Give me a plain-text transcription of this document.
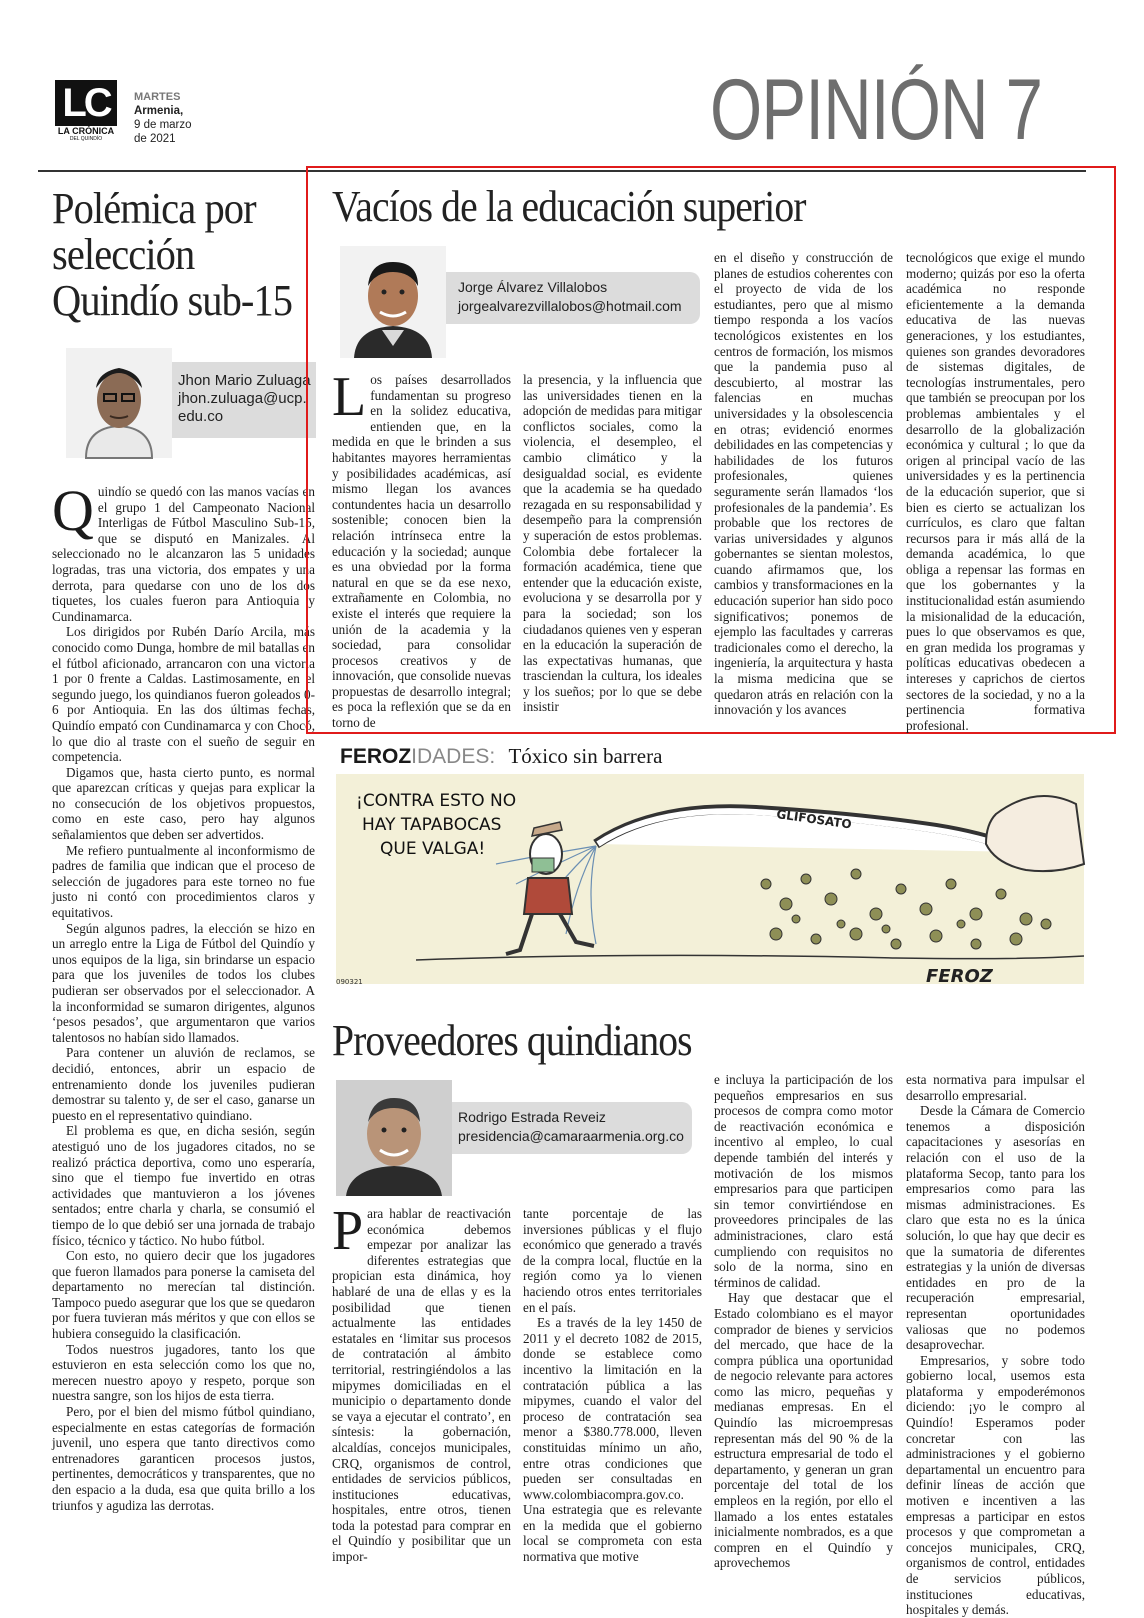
LC
LA CRÓNICA
DEL QUINDÍO
MARTES
Armenia,
9 de marzo
de 2021	OPINIÓN 7
Polémica por
selección
Quindío sub-15
Jhon Mario Zuluaga
jhon.zuluaga@ucp.
edu.co

Quindío se quedó con las manos vacías en el grupo 1 del Campeonato Nacional Interligas de Fútbol Masculino Sub-15, que se disputó en Manizales. Al seleccionado no le alcanzaron las 5 unidades logradas, tras una victoria, dos empates y una derrota, para quedarse con uno de los dos tiquetes, los cuales fueron para Antioquia y Cundinamarca.

Los dirigidos por Rubén Darío Arcila, más conocido como Dunga, hombre de mil batallas en el fútbol aficionado, arrancaron con una victoria 1 por 0 frente a Caldas. Lastimosamente, en el segundo juego, los quindianos fueron goleados 0-6 por Antioquia. En las dos últimas fechas, Quindío empató con Cundinamarca y con Chocó, lo que dio al traste con el sueño de seguir en competencia.

Digamos que, hasta cierto punto, es normal que aparezcan críticas y quejas para explicar la no consecución de los objetivos propuestos, como en este caso, pero hay algunos señalamientos que deben ser advertidos.

Me refiero puntualmente al inconformismo de padres de familia que indican que el proceso de selección de jugadores para este torneo no fue justo ni contó con procedimientos claros y equitativos.

Según algunos padres, la elección se hizo en un arreglo entre la Liga de Fútbol del Quindío y unos equipos de la liga, sin brindarse un espacio para que los juveniles de todos los clubes pudieran ser observados por el seleccionador. A la inconformidad se sumaron dirigentes, algunos ‘pesos pesados’, que argumentaron que varios talentosos no habían sido llamados.

Para contener un aluvión de reclamos, se decidió, entonces, abrir un espacio de entrenamiento donde los juveniles pudieran demostrar su talento y, de ser el caso, ganarse un puesto en el representativo quindiano.

El problema es que, en dicha sesión, según atestiguó uno de los jugadores citados, no se realizó práctica deportiva, como uno esperaría, sino que el tiempo fue invertido en otras actividades que mantuvieron a los jóvenes sentados; entre charla y charla, se consumió el tiempo de lo que debió ser una jornada de trabajo físico, técnico y táctico. No hubo fútbol.

Con esto, no quiero decir que los jugadores que fueron llamados para ponerse la camiseta del departamento no merecían tal distinción. Tampoco puedo asegurar que los que se quedaron por fuera tuvieran más méritos y que con ellos se hubiera conseguido la clasificación.

Todos nuestros jugadores, tanto los que estuvieron en esta selección como los que no, merecen nuestro apoyo y respeto, porque son nuestra sangre, son los hijos de esta tierra.

Pero, por el bien del mismo fútbol quindiano, especialmente en estas categorías de formación juvenil, uno espera que tanto directivos como entrenadores garanticen procesos justos, pertinentes, democráticos y transparentes, que no den espacio a la duda, esa que quita brillo a los triunfos y agudiza las derrotas.

Vacíos de la educación superior
Jorge Álvarez Villalobos
jorgealvarezvillalobos@hotmail.com

Los países desarrollados fundamentan su progreso en la solidez educativa, entienden que, en la medida en que le brinden a sus habitantes mayores herramientas y posibilidades académicas, así mismo llegan los avances contundentes hacia un desarrollo sostenible; conocen bien la relación intrínseca entre la educación y la sociedad; aunque es una obviedad por la forma natural en que se da ese nexo, extrañamente en Colombia, no existe el interés que requiere la unión de la academia y la sociedad, para consolidar procesos creativos y de innovación, que consolide nuevas propuestas de desarrollo integral; es poca la reflexión que se da en torno de

la presencia, y la influencia que las universidades tienen en la adopción de medidas para mitigar conflictos sociales, como la violencia, el desempleo, el cambio climático y la desigualdad social, es evidente que la academia se ha quedado rezagada en su responsabilidad y desempeño para la comprensión y superación de estos problemas. Colombia debe fortalecer la formación académica, tiene que entender que la educación existe, evoluciona y se desarrolla por y para la sociedad; son los ciudadanos quienes ven y esperan en la educación la superación de las expectativas humanas, que trasciendan la cultura, los ideales y los sueños; por lo que se debe insistir

en el diseño y construcción de planes de estudios coherentes con el proyecto de vida de los estudiantes, pero que al mismo tiempo responda a los vacíos tecnológicos existentes en los centros de formación, los mismos que la pandemia puso al descubierto, al mostrar las falencias en muchas universidades y la obsolescencia en otras; evidenció enormes debilidades en las competencias y habilidades de los futuros profesionales, quienes seguramente serán llamados ‘los profesionales de la pandemia’. Es probable que los rectores de varias universidades y algunos gobernantes se sientan molestos, cuando afirmamos que, los cambios y transformaciones en la educación superior han sido poco significativos; ponemos de ejemplo las facultades y carreras tradicionales como el derecho, la ingeniería, la arquitectura y hasta la misma medicina que se quedaron atrás en relación con la innovación y los avances

tecnológicos que exige el mundo moderno; quizás por eso la oferta académica no responde eficientemente a la demanda educativa de las nuevas generaciones, y los estudiantes, quienes son grandes devoradores de sistemas digitales, de tecnologías instrumentales, pero que también se preocupan por los problemas ambientales y el desarrollo de la globalización económica y cultural ; lo que da origen al principal vacío de las universidades y es la pertinencia de la educación superior, que si bien es cierto se actualizan los currículos, es claro que faltan recursos para ir más allá de la demanda académica, lo que obliga a repensar las formas en que los gobernantes y la institucionalidad están asumiendo la misionalidad de la educación, pues lo que observamos es que, en gran medida los programas y políticas educativas obedecen a intereses y caprichos de ciertos sectores de la sociedad, y no a la pertinencia formativa profesional.

FEROZIDADES: Tóxico sin barrera
GLIFOSATO
¡CONTRA ESTO NO
HAY TAPABOCAS
QUE VALGA!
090321	FEROZ
Proveedores quindianos
Rodrigo Estrada Reveiz
presidencia@camaraarmenia.org.co

Para hablar de reactivación económica debemos empezar por analizar las diferentes estrategias que propician esta dinámica, hoy hablaré de una de ellas y es la posibilidad que tienen actualmente las entidades estatales en ‘limitar sus procesos de contratación al ámbito territorial, restringiéndolos a las mipymes domiciliadas en el municipio o departamento donde se vaya a ejecutar el contrato’, en síntesis: la gobernación, alcaldías, concejos municipales, CRQ, organismos de control, entidades de servicios públicos, instituciones educativas, hospitales, entre otros, tienen toda la potestad para comprar en el Quindío y posibilitar que un impor-

tante porcentaje de las inversiones públicas y el flujo económico que generado a través de la compra local, fluctúe en la región como ya lo vienen haciendo otros entes territoriales en el país.

Es a través de la ley 1450 de 2011 y el decreto 1082 de 2015, donde se establece como incentivo la limitación en la contratación pública a las mipymes, cuando el valor del proceso de contratación sea menor a $380.778.000, lleven constituidas mínimo un año, entre otras condiciones que pueden ser consultadas en www.colombiacompra.gov.co. Una estrategia que es relevante en la medida que el gobierno local se comprometa con esta normativa que motive

e incluya la participación de los pequeños empresarios en sus procesos de compra como motor de reactivación económica e incentivo al empleo, lo cual depende también del interés y motivación de los mismos empresarios para que participen sin temor convirtiéndose en proveedores principales de las administraciones, claro está cumpliendo con requisitos no solo de la norma, sino en términos de calidad.

Hay que destacar que el Estado colombiano es el mayor comprador de bienes y servicios del mercado, que hace de la compra pública una oportunidad de negocio relevante para actores como las micro, pequeñas y medianas empresas. En el Quindío las microempresas representan más del 90 % de la estructura empresarial de todo el departamento, y generan un gran porcentaje del total de los empleos en la región, por ello el llamado a los entes estatales inicialmente nombrados, es a que compren en el Quindío y aprovechemos

esta normativa para impulsar el desarrollo empresarial.

Desde la Cámara de Comercio tenemos a disposición capacitaciones y asesorías en relación con el uso de la plataforma Secop, tanto para los empresarios como para las mismas administraciones. Es claro que esta no es la única solución, lo que hay que decir es que la sumatoria de diferentes estrategias y la unión de diversas entidades en pro de la recuperación empresarial, representan oportunidades valiosas que no podemos desaprovechar.

Empresarios, y sobre todo gobierno local, usemos esta plataforma y empoderémonos diciendo: ¡yo le compro al Quindío! Esperamos poder concretar con las administraciones y el gobierno departamental un encuentro para definir líneas de acción que motiven e incentiven a las empresas a participar en estos procesos y que comprometan a concejos municipales, CRQ, organismos de control, entidades de servicios públicos, instituciones educativas, hospitales y demás.
